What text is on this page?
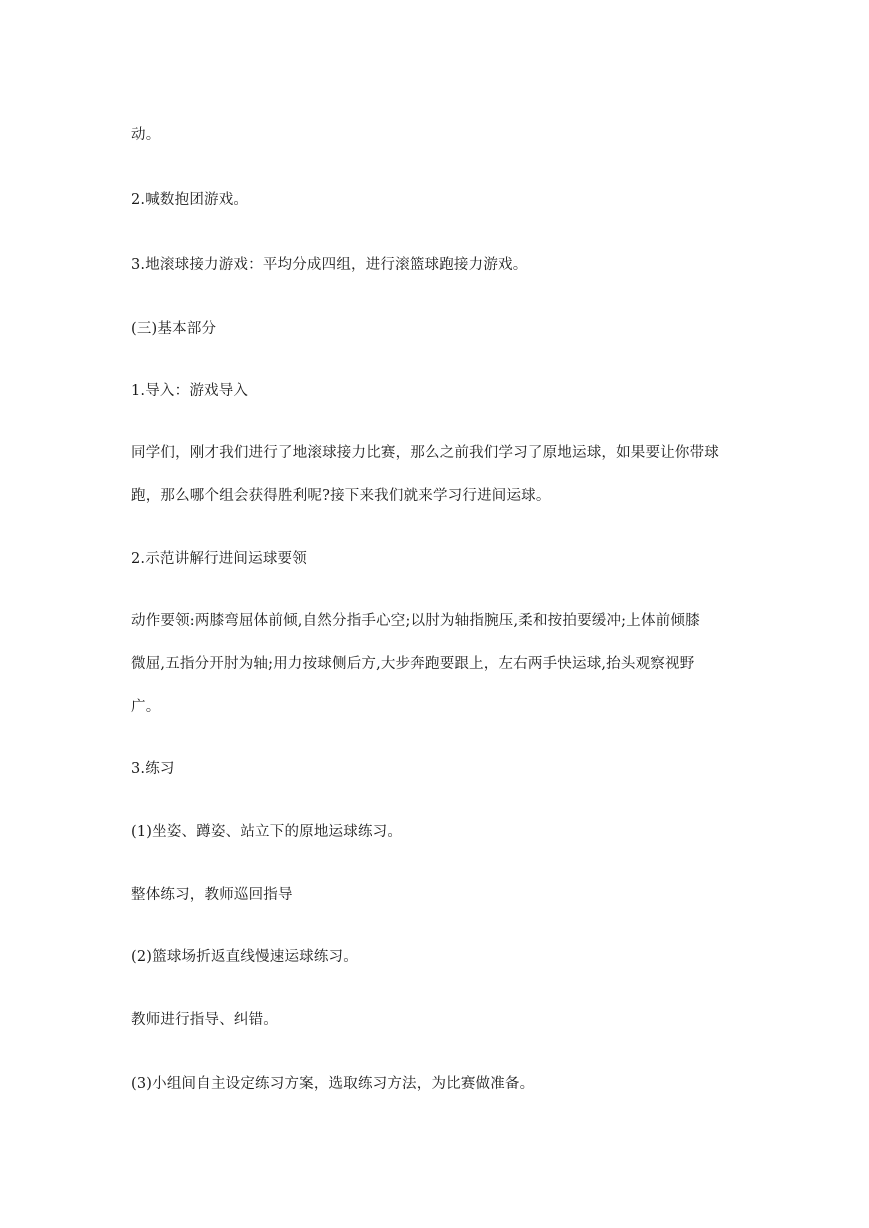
动。
2.喊数抱团游戏。
3.地滚球接力游戏：平均分成四组，进行滚篮球跑接力游戏。
(三)基本部分
1.导入：游戏导入
同学们，刚才我们进行了地滚球接力比赛，那么之前我们学习了原地运球，如果要让你带球
跑，那么哪个组会获得胜利呢?接下来我们就来学习行进间运球。
2.示范讲解行进间运球要领
动作要领:两膝弯屈体前倾,自然分指手心空;以肘为轴指腕压,柔和按拍要缓冲;上体前倾膝
微屈,五指分开肘为轴;用力按球侧后方,大步奔跑要跟上，左右两手快运球,抬头观察视野
广。
3.练习
(1)坐姿、蹲姿、站立下的原地运球练习。
整体练习，教师巡回指导
(2)篮球场折返直线慢速运球练习。
教师进行指导、纠错。
(3)小组间自主设定练习方案，选取练习方法，为比赛做准备。
